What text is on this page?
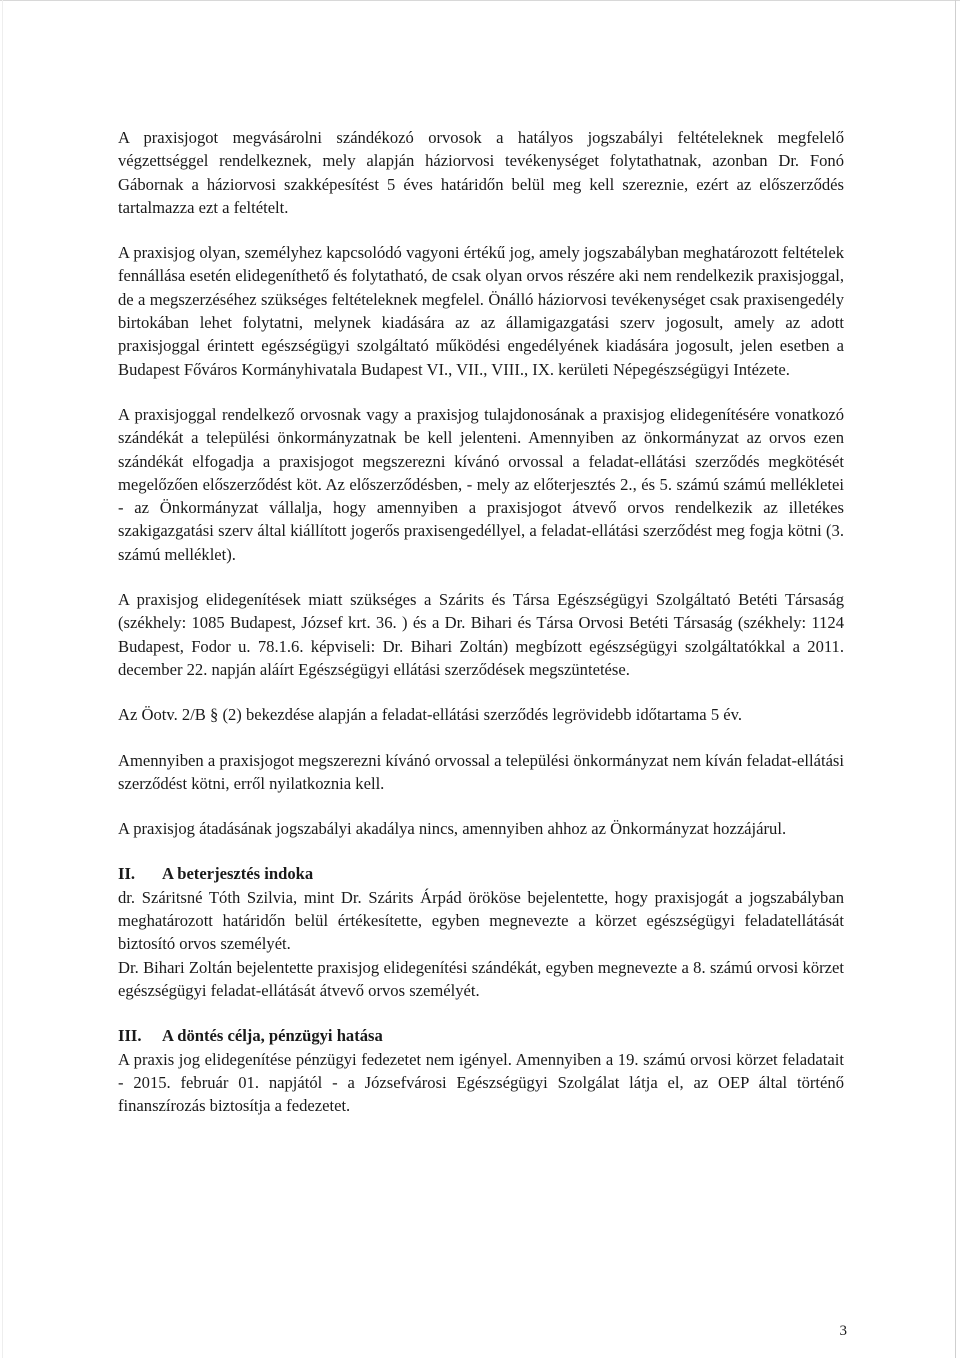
A praxisjogot megvásárolni szándékozó orvosok a hatályos jogszabályi feltételeknek megfelelő végzettséggel rendelkeznek, mely alapján háziorvosi tevékenységet folytathatnak, azonban Dr. Fonó Gábornak a háziorvosi szakképesítést 5 éves határidőn belül meg kell szereznie, ezért az előszerződés tartalmazza ezt a feltételt.

A praxisjog olyan, személyhez kapcsolódó vagyoni értékű jog, amely jogszabályban meghatározott feltételek fennállása esetén elidegeníthető és folytatható, de csak olyan orvos részére aki nem rendelkezik praxisjoggal, de a megszerzéséhez szükséges feltételeknek megfelel. Önálló háziorvosi tevékenységet csak praxisengedély birtokában lehet folytatni, melynek kiadására az az államigazgatási szerv jogosult, amely az adott praxisjoggal érintett egészségügyi szolgáltató működési engedélyének kiadására jogosult, jelen esetben a Budapest Főváros Kormányhivatala Budapest VI., VII., VIII., IX. kerületi Népegészségügyi Intézete.

A praxisjoggal rendelkező orvosnak vagy a praxisjog tulajdonosának a praxisjog elidegenítésére vonatkozó szándékát a települési önkormányzatnak be kell jelenteni. Amennyiben az önkormányzat az orvos ezen szándékát elfogadja a praxisjogot megszerezni kívánó orvossal a feladat-ellátási szerződés megkötését megelőzően előszerződést köt. Az előszerződésben, - mely az előterjesztés 2., és 5. számú számú mellékletei - az Önkormányzat vállalja, hogy amennyiben a praxisjogot átvevő orvos rendelkezik az illetékes szakigazgatási szerv által kiállított jogerős praxisengedéllyel, a feladat-ellátási szerződést meg fogja kötni (3. számú melléklet).

A praxisjog elidegenítések miatt szükséges a Szárits és Társa Egészségügyi Szolgáltató Betéti Társaság (székhely: 1085 Budapest, József krt. 36. ) és a Dr. Bihari és Társa Orvosi Betéti Társaság (székhely: 1124 Budapest, Fodor u. 78.1.6. képviseli: Dr. Bihari Zoltán) megbízott egészségügyi szolgáltatókkal a 2011. december 22. napján aláírt Egészségügyi ellátási szerződések megszüntetése.

Az Öotv. 2/B § (2) bekezdése alapján a feladat-ellátási szerződés legrövidebb időtartama 5 év.

Amennyiben a praxisjogot megszerezni kívánó orvossal a települési önkormányzat nem kíván feladat-ellátási szerződést kötni, erről nyilatkoznia kell.

A praxisjog átadásának jogszabályi akadálya nincs, amennyiben ahhoz az Önkormányzat hozzájárul.

II.	A beterjesztés indoka

dr. Száritsné Tóth Szilvia, mint Dr. Szárits Árpád örököse bejelentette, hogy praxisjogát a jogszabályban meghatározott határidőn belül értékesítette, egyben megnevezte a körzet egészségügyi feladatellátását biztosító orvos személyét.

Dr. Bihari Zoltán bejelentette praxisjog elidegenítési szándékát, egyben megnevezte a 8. számú orvosi körzet egészségügyi feladat-ellátását átvevő orvos személyét.

III.	A döntés célja, pénzügyi hatása

A praxis jog elidegenítése pénzügyi fedezetet nem igényel. Amennyiben a 19. számú orvosi körzet feladatait - 2015. február 01. napjától - a Józsefvárosi Egészségügyi Szolgálat látja el, az OEP által történő finanszírozás biztosítja a fedezetet.

3
